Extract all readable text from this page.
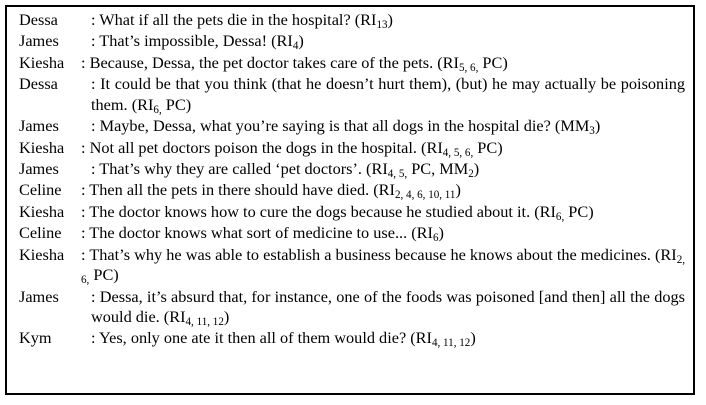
Dessa	: What if all the pets die in the hospital? $(RI_{13})$
James	: That’s impossible, Dessa! $(RI_4)$
Kiesha : Because, Dessa, the pet doctor takes care of the pets. ($RI_{5, 6,}$ PC)
Dessa	: It could be that you think (that he doesn’t hurt them), (but) he may actually be poisoning them. ($RI_{6,}$ PC)
James	: Maybe, Dessa, what you’re saying is that all dogs in the hospital die? $(MM_3)$
Kiesha : Not all pet doctors poison the dogs in the hospital. ($RI_{4, 5, 6,}$ PC)
James	: That’s why they are called ‘pet doctors’. ($RI_{4, 5,}$ PC, $MM_2$)
Celine : Then all the pets in there should have died. $(RI_{2, 4, 6, 10, 11})$
Kiesha : The doctor knows how to cure the dogs because he studied about it. ($RI_{6,}$ PC)
Celine : The doctor knows what sort of medicine to use... $(RI_6)$
Kiesha : That’s why he was able to establish a business because he knows about the medicines. ($RI_{2, 6,}$ PC)
James	: Dessa, it’s absurd that, for instance, one of the foods was poisoned [and then] all the dogs would die. $(RI_{4, 11, 12})$
Kym	: Yes, only one ate it then all of them would die? $(RI_{4, 11, 12})$
